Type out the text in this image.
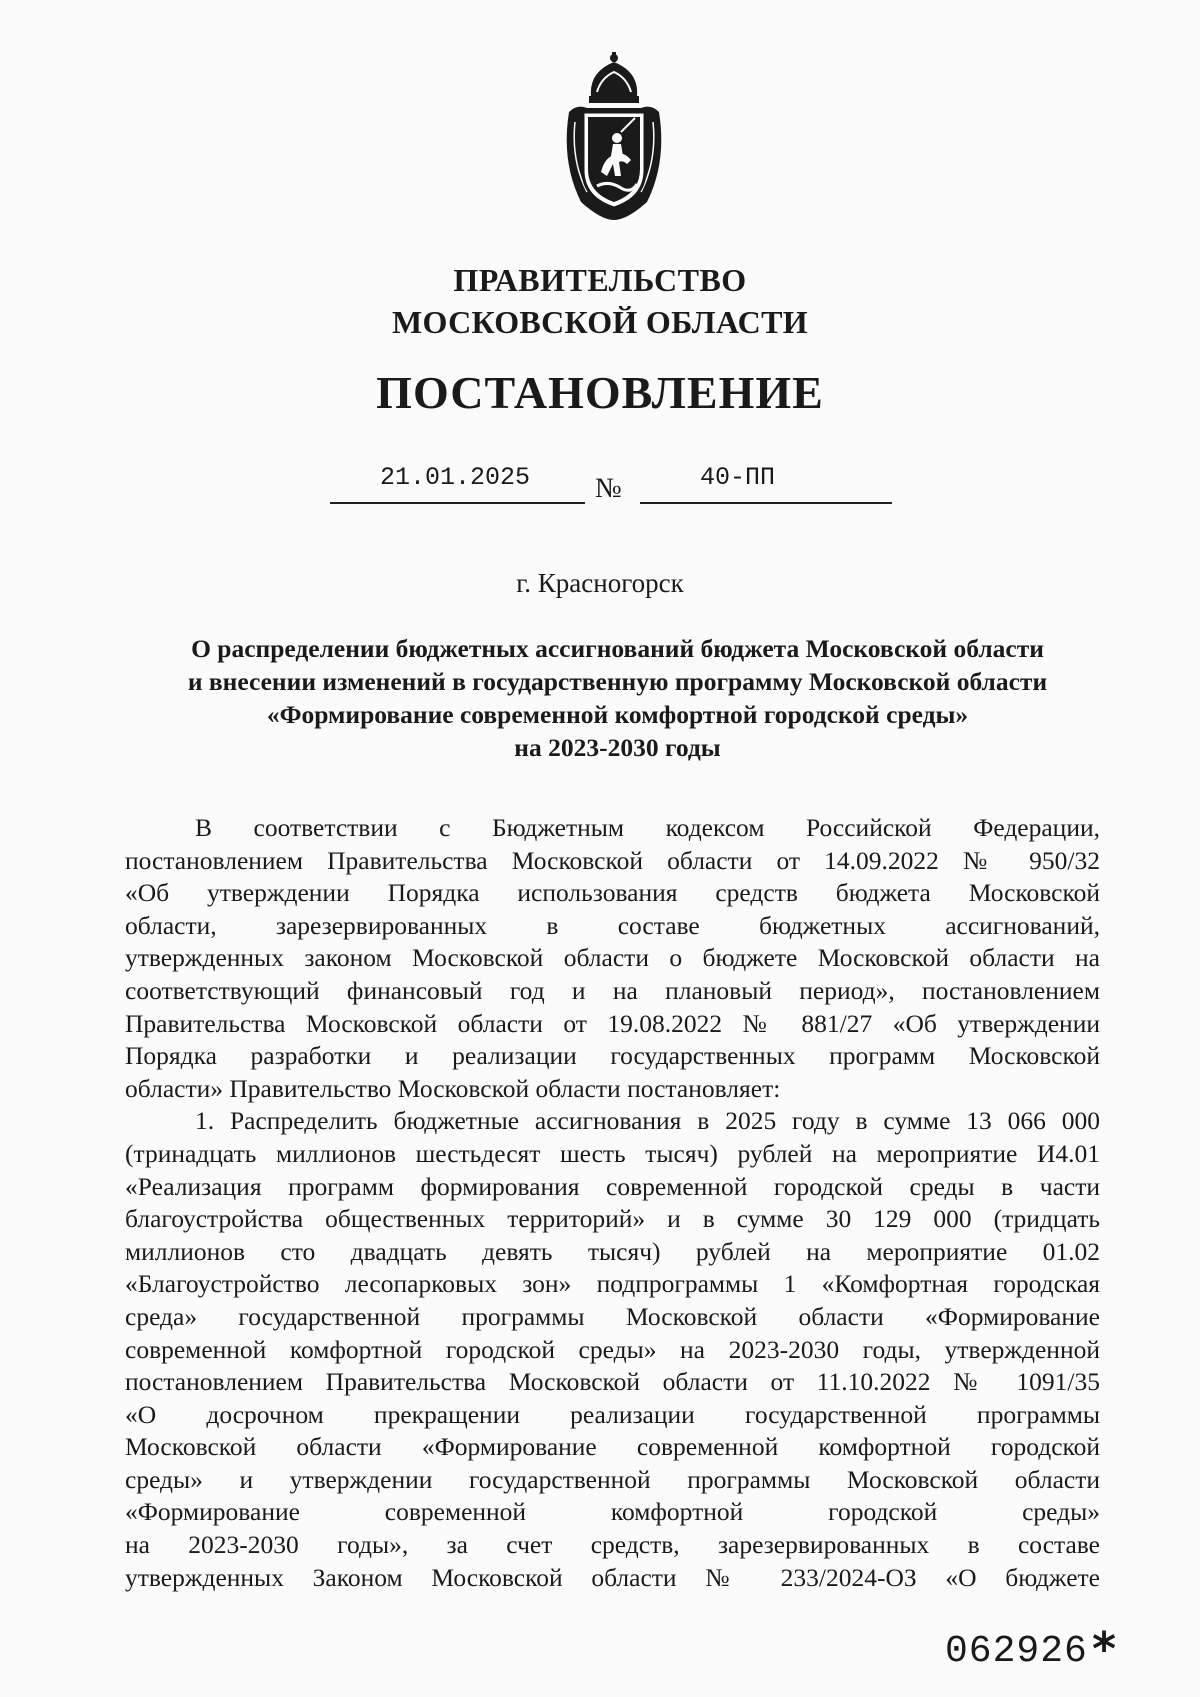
ПРАВИТЕЛЬСТВО
МОСКОВСКОЙ ОБЛАСТИ
ПОСТАНОВЛЕНИЕ
21.01.2025	№	40-ПП
г. Красногорск
О распределении бюджетных ассигнований бюджета Московской области
и внесении изменений в государственную программу Московской области
«Формирование современной комфортной городской среды»
на 2023-2030 годы
В соответствии с Бюджетным кодексом Российской Федерации,
постановлением Правительства Московской области от 14.09.2022 № 950/32
«Об утверждении Порядка использования средств бюджета Московской
области, зарезервированных в составе бюджетных ассигнований,
утвержденных законом Московской области о бюджете Московской области на
соответствующий финансовый год и на плановый период», постановлением
Правительства Московской области от 19.08.2022 № 881/27 «Об утверждении
Порядка разработки и реализации государственных программ Московской
области» Правительство Московской области постановляет:
1. Распределить бюджетные ассигнования в 2025 году в сумме 13 066 000
(тринадцать миллионов шестьдесят шесть тысяч) рублей на мероприятие И4.01
«Реализация программ формирования современной городской среды в части
благоустройства общественных территорий» и в сумме 30 129 000 (тридцать
миллионов сто двадцать девять тысяч) рублей на мероприятие 01.02
«Благоустройство лесопарковых зон» подпрограммы 1 «Комфортная городская
среда» государственной программы Московской области «Формирование
современной комфортной городской среды» на 2023-2030 годы, утвержденной
постановлением Правительства Московской области от 11.10.2022 № 1091/35
«О досрочном прекращении реализации государственной программы
Московской области «Формирование современной комфортной городской
среды» и утверждении государственной программы Московской области
«Формирование современной комфортной городской среды»
на 2023-2030 годы», за счет средств, зарезервированных в составе
утвержденных Законом Московской области № 233/2024-ОЗ «О бюджете
062926 *
